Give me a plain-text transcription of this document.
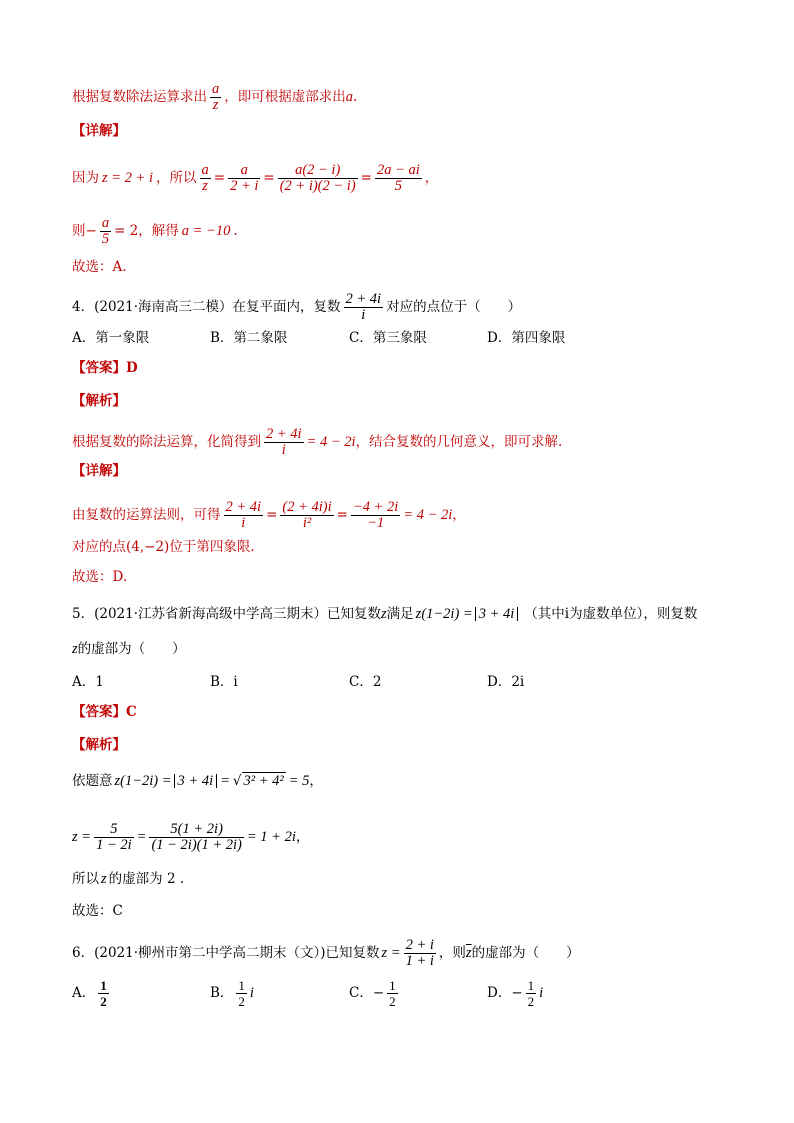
根据复数除法运算求出 $\frac{a}{z}$ ，即可根据虚部求出a.
【详解】
因为 z = 2 + i ，所以 $\frac{a}{z} = \frac{a}{2 + i} = \frac{a(2 - i)}{(2 + i)(2 - i)} = \frac{2a - ai}{5}$ ，
则− $\frac{a}{5} = 2$，解得 a = −10 .
故选：A.
4．(2021·海南高三二模）在复平面内，复数 $\frac{2 + 4i}{i}$ 对应的点位于（　　）
A．第一象限	B．第二象限	C．第三象限	D．第四象限
【答案】D
【解析】
根据复数的除法运算，化简得到 $\frac{2 + 4i}{i} = 4 - 2i$，结合复数的几何意义，即可求解.
【详解】
由复数的运算法则，可得 $\frac{2 + 4i}{i} = \frac{(2 + 4i)i}{\text{i²}} = \frac{-4 + 2i}{-1} = 4 - 2i$，
对应的点(4,−2)位于第四象限.
故选：D.
5．(2021·江苏省新海高级中学高三期末）已知复数z满足 z(1−2i) = 3 + 4i （其中i为虚数单位），则复数
z的虚部为（　　）
A．1	B．i	C．2	D．2i
【答案】C
【解析】
依题意 z(1−2i) = 3 + 4i = √ 3² + 4² = 5，
$z = \frac{5}{1 - 2i} = \frac{5(1 + 2i)}{(1 - 2i)(1 + 2i)} = 1 + 2i$，
所以 z 的虚部为 2 .
故选：C
6．(2021·柳州市第二中学高二期末（文）)已知复数 $z = \frac{2 + i}{1 + i}$ ，则$\overline{z}$的虚部为（　　）
A． $\frac{1}{2}$	B． $\frac{1}{2}$ i	C．− $\frac{1}{2}$	D．− $\frac{1}{2}$ i
